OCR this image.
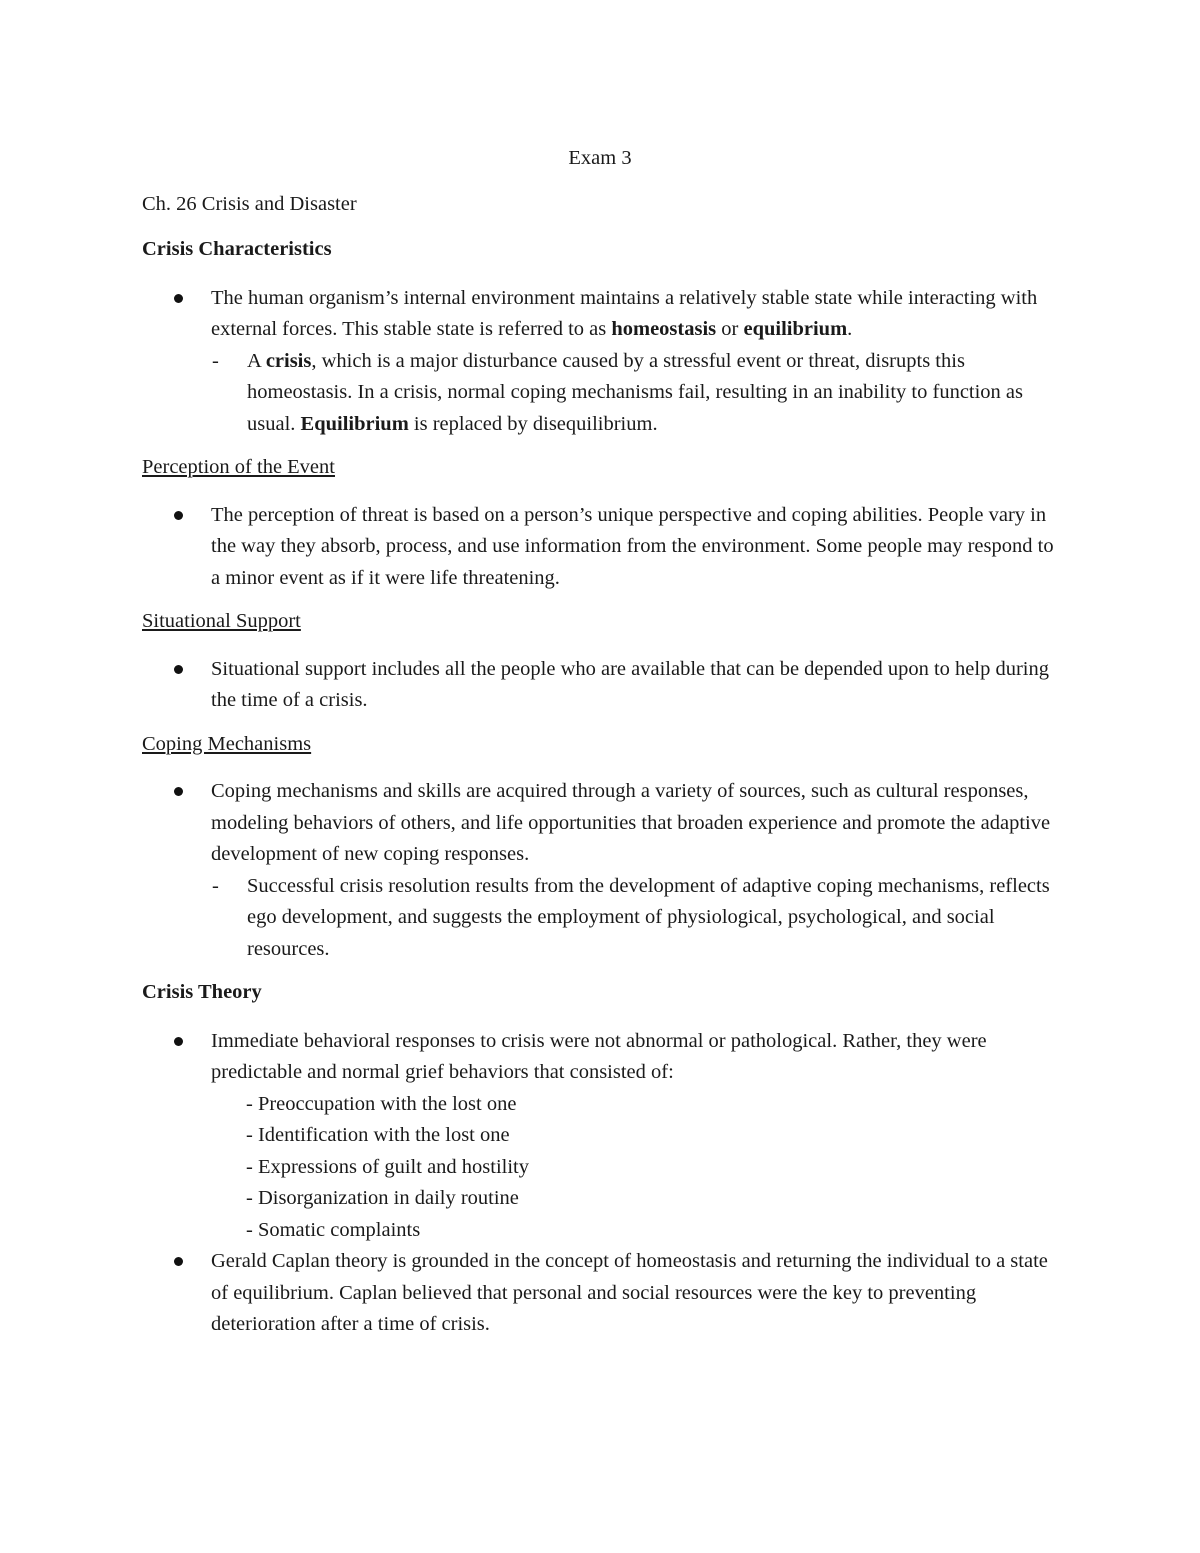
Exam 3
Ch. 26 Crisis and Disaster
Crisis Characteristics
The human organism’s internal environment maintains a relatively stable state while interacting with external forces. This stable state is referred to as homeostasis or equilibrium.
- A crisis, which is a major disturbance caused by a stressful event or threat, disrupts this homeostasis. In a crisis, normal coping mechanisms fail, resulting in an inability to function as usual. Equilibrium is replaced by disequilibrium.
Perception of the Event
The perception of threat is based on a person’s unique perspective and coping abilities. People vary in the way they absorb, process, and use information from the environment. Some people may respond to a minor event as if it were life threatening.
Situational Support
Situational support includes all the people who are available that can be depended upon to help during the time of a crisis.
Coping Mechanisms
Coping mechanisms and skills are acquired through a variety of sources, such as cultural responses, modeling behaviors of others, and life opportunities that broaden experience and promote the adaptive development of new coping responses.
- Successful crisis resolution results from the development of adaptive coping mechanisms, reflects ego development, and suggests the employment of physiological, psychological, and social resources.
Crisis Theory
Immediate behavioral responses to crisis were not abnormal or pathological. Rather, they were predictable and normal grief behaviors that consisted of:
- Preoccupation with the lost one
- Identification with the lost one
- Expressions of guilt and hostility
- Disorganization in daily routine
- Somatic complaints
Gerald Caplan theory is grounded in the concept of homeostasis and returning the individual to a state of equilibrium. Caplan believed that personal and social resources were the key to preventing deterioration after a time of crisis.
